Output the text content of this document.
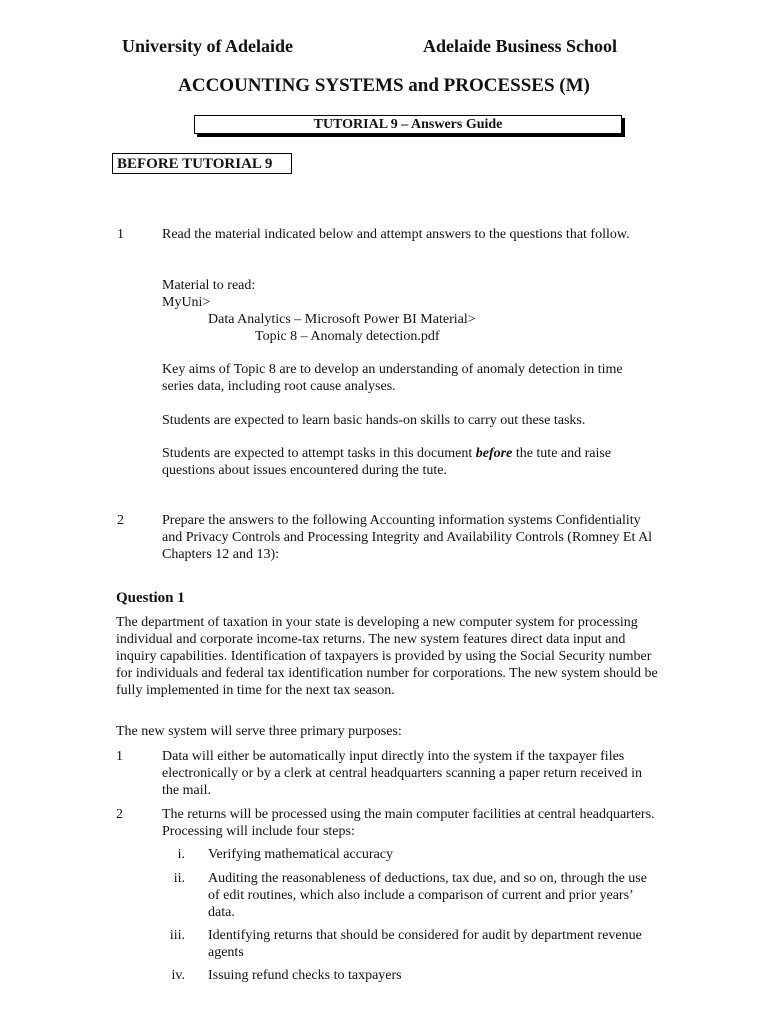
University of Adelaide	Adelaide Business School
ACCOUNTING SYSTEMS and PROCESSES (M)
TUTORIAL 9 – Answers Guide
BEFORE TUTORIAL 9
1	Read the material indicated below and attempt answers to the questions that follow.
Material to read:
MyUni>
Data Analytics – Microsoft Power BI Material>
Topic 8 – Anomaly detection.pdf
Key aims of Topic 8 are to develop an understanding of anomaly detection in time series data, including root cause analyses.
Students are expected to learn basic hands-on skills to carry out these tasks.
Students are expected to attempt tasks in this document before the tute and raise questions about issues encountered during the tute.
2	Prepare the answers to the following Accounting information systems Confidentiality and Privacy Controls and Processing Integrity and Availability Controls (Romney Et Al Chapters 12 and 13):
Question 1
The department of taxation in your state is developing a new computer system for processing individual and corporate income-tax returns. The new system features direct data input and inquiry capabilities. Identification of taxpayers is provided by using the Social Security number for individuals and federal tax identification number for corporations. The new system should be fully implemented in time for the next tax season.
The new system will serve three primary purposes:
1	Data will either be automatically input directly into the system if the taxpayer files electronically or by a clerk at central headquarters scanning a paper return received in the mail.
2	The returns will be processed using the main computer facilities at central headquarters. Processing will include four steps:
i. Verifying mathematical accuracy
ii. Auditing the reasonableness of deductions, tax due, and so on, through the use of edit routines, which also include a comparison of current and prior years’ data.
iii. Identifying returns that should be considered for audit by department revenue agents
iv. Issuing refund checks to taxpayers
